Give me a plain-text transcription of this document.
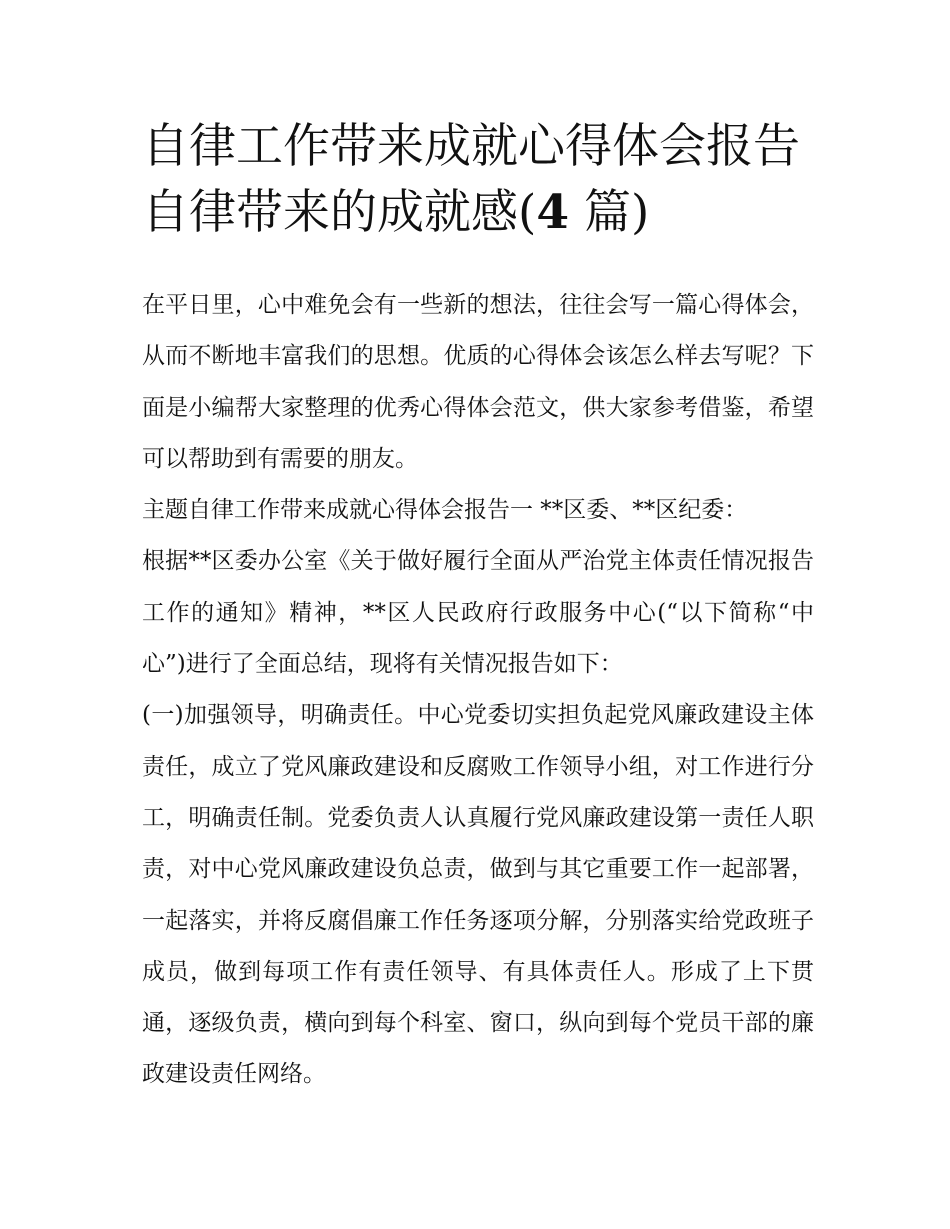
自律工作带来成就心得体会报告 自律带来的成就感(4 篇)

在平日里，心中难免会有一些新的想法，往往会写一篇心得体会，从而不断地丰富我们的思想。优质的心得体会该怎么样去写呢？下面是小编帮大家整理的优秀心得体会范文，供大家参考借鉴，希望可以帮助到有需要的朋友。

主题自律工作带来成就心得体会报告一 **区委、**区纪委：

根据**区委办公室《关于做好履行全面从严治党主体责任情况报告工作的通知》精神，**区人民政府行政服务中心(“以下简称“中心”)进行了全面总结，现将有关情况报告如下：

(一)加强领导，明确责任。中心党委切实担负起党风廉政建设主体责任，成立了党风廉政建设和反腐败工作领导小组，对工作进行分工，明确责任制。党委负责人认真履行党风廉政建设第一责任人职责，对中心党风廉政建设负总责，做到与其它重要工作一起部署，一起落实，并将反腐倡廉工作任务逐项分解，分别落实给党政班子成员，做到每项工作有责任领导、有具体责任人。形成了上下贯通，逐级负责，横向到每个科室、窗口，纵向到每个党员干部的廉政建设责任网络。
